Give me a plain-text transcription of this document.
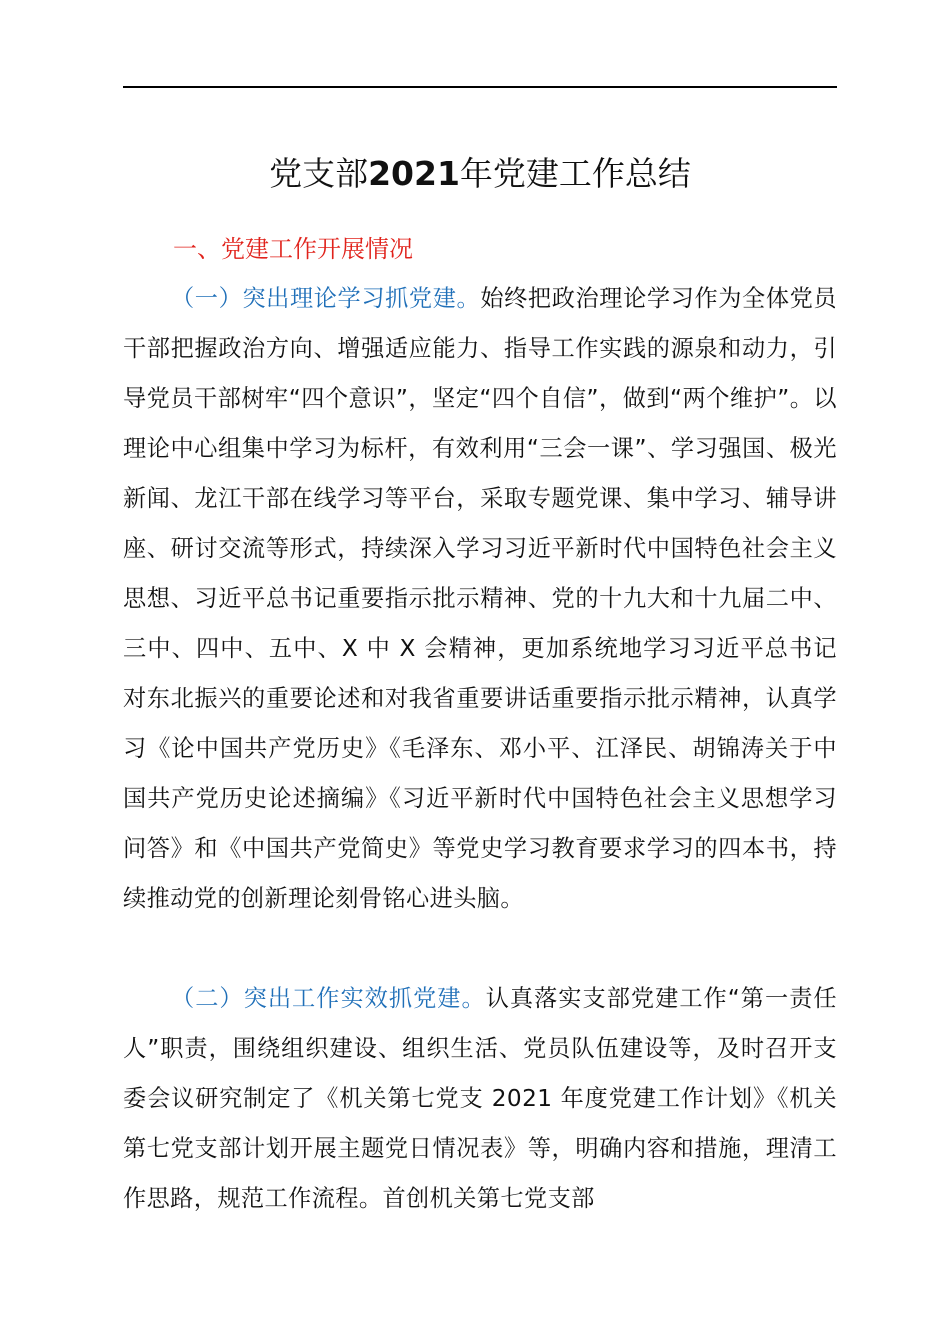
党支部2021年党建工作总结
一、党建工作开展情况

（一）突出理论学习抓党建。始终把政治理论学习作为全体党员干部把握政治方向、增强适应能力、指导工作实践的源泉和动力，引导党员干部树牢“四个意识”，坚定“四个自信”，做到“两个维护”。以理论中心组集中学习为标杆，有效利用“三会一课”、学习强国、极光新闻、龙江干部在线学习等平台，采取专题党课、集中学习、辅导讲座、研讨交流等形式，持续深入学习习近平新时代中国特色社会主义思想、习近平总书记重要指示批示精神、党的十九大和十九届二中、三中、四中、五中、X 中 X 会精神，更加系统地学习习近平总书记对东北振兴的重要论述和对我省重要讲话重要指示批示精神，认真学习《论中国共产党历史》《毛泽东、邓小平、江泽民、胡锦涛关于中国共产党历史论述摘编》《习近平新时代中国特色社会主义思想学习问答》和《中国共产党简史》等党史学习教育要求学习的四本书，持续推动党的创新理论刻骨铭心进头脑。

（二）突出工作实效抓党建。认真落实支部党建工作“第一责任人”职责，围绕组织建设、组织生活、党员队伍建设等，及时召开支委会议研究制定了《机关第七党支 2021 年度党建工作计划》《机关第七党支部计划开展主题党日情况表》等，明确内容和措施，理清工作思路，规范工作流程。首创机关第七党支部
